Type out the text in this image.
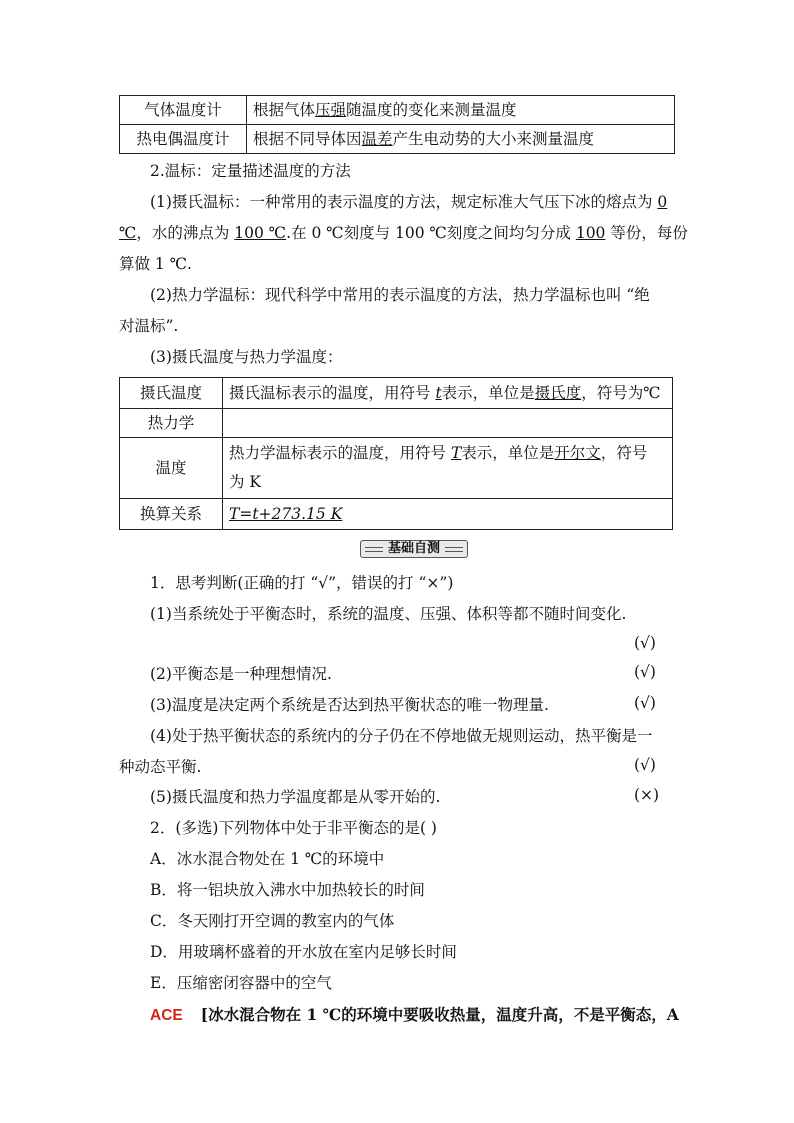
气体温度计	根据气体压强随温度的变化来测量温度
热电偶温度计	根据不同导体因温差产生电动势的大小来测量温度
2.温标：定量描述温度的方法
(1)摄氏温标：一种常用的表示温度的方法，规定标准大气压下冰的熔点为 0
℃，水的沸点为 100 ℃.在 0 ℃刻度与 100 ℃刻度之间均匀分成 100 等份，每份
算做 1 ℃.
(2)热力学温标：现代科学中常用的表示温度的方法，热力学温标也叫 “绝
对温标”.
(3)摄氏温度与热力学温度：
摄氏温度	摄氏温标表示的温度，用符号 t表示，单位是摄氏度，符号为℃
热力学	
温度	热力学温标表示的温度，用符号 T表示，单位是开尔文，符号
为 K
换算关系	T=t+273.15 K
基础自测
1．思考判断(正确的打 “√”，错误的打 “×”)
(1)当系统处于平衡态时，系统的温度、压强、体积等都不随时间变化.
(√)
(2)平衡态是一种理想情况.	(√)
(3)温度是决定两个系统是否达到热平衡状态的唯一物理量.	(√)
(4)处于热平衡状态的系统内的分子仍在不停地做无规则运动，热平衡是一
种动态平衡.	(√)
(5)摄氏温度和热力学温度都是从零开始的.	(×)
2．(多选)下列物体中处于非平衡态的是( )
A．冰水混合物处在 1 ℃的环境中
B．将一铝块放入沸水中加热较长的时间
C．冬天刚打开空调的教室内的气体
D．用玻璃杯盛着的开水放在室内足够长时间
E．压缩密闭容器中的空气
ACE [冰水混合物在 1 ℃的环境中要吸收热量，温度升高，不是平衡态，A
